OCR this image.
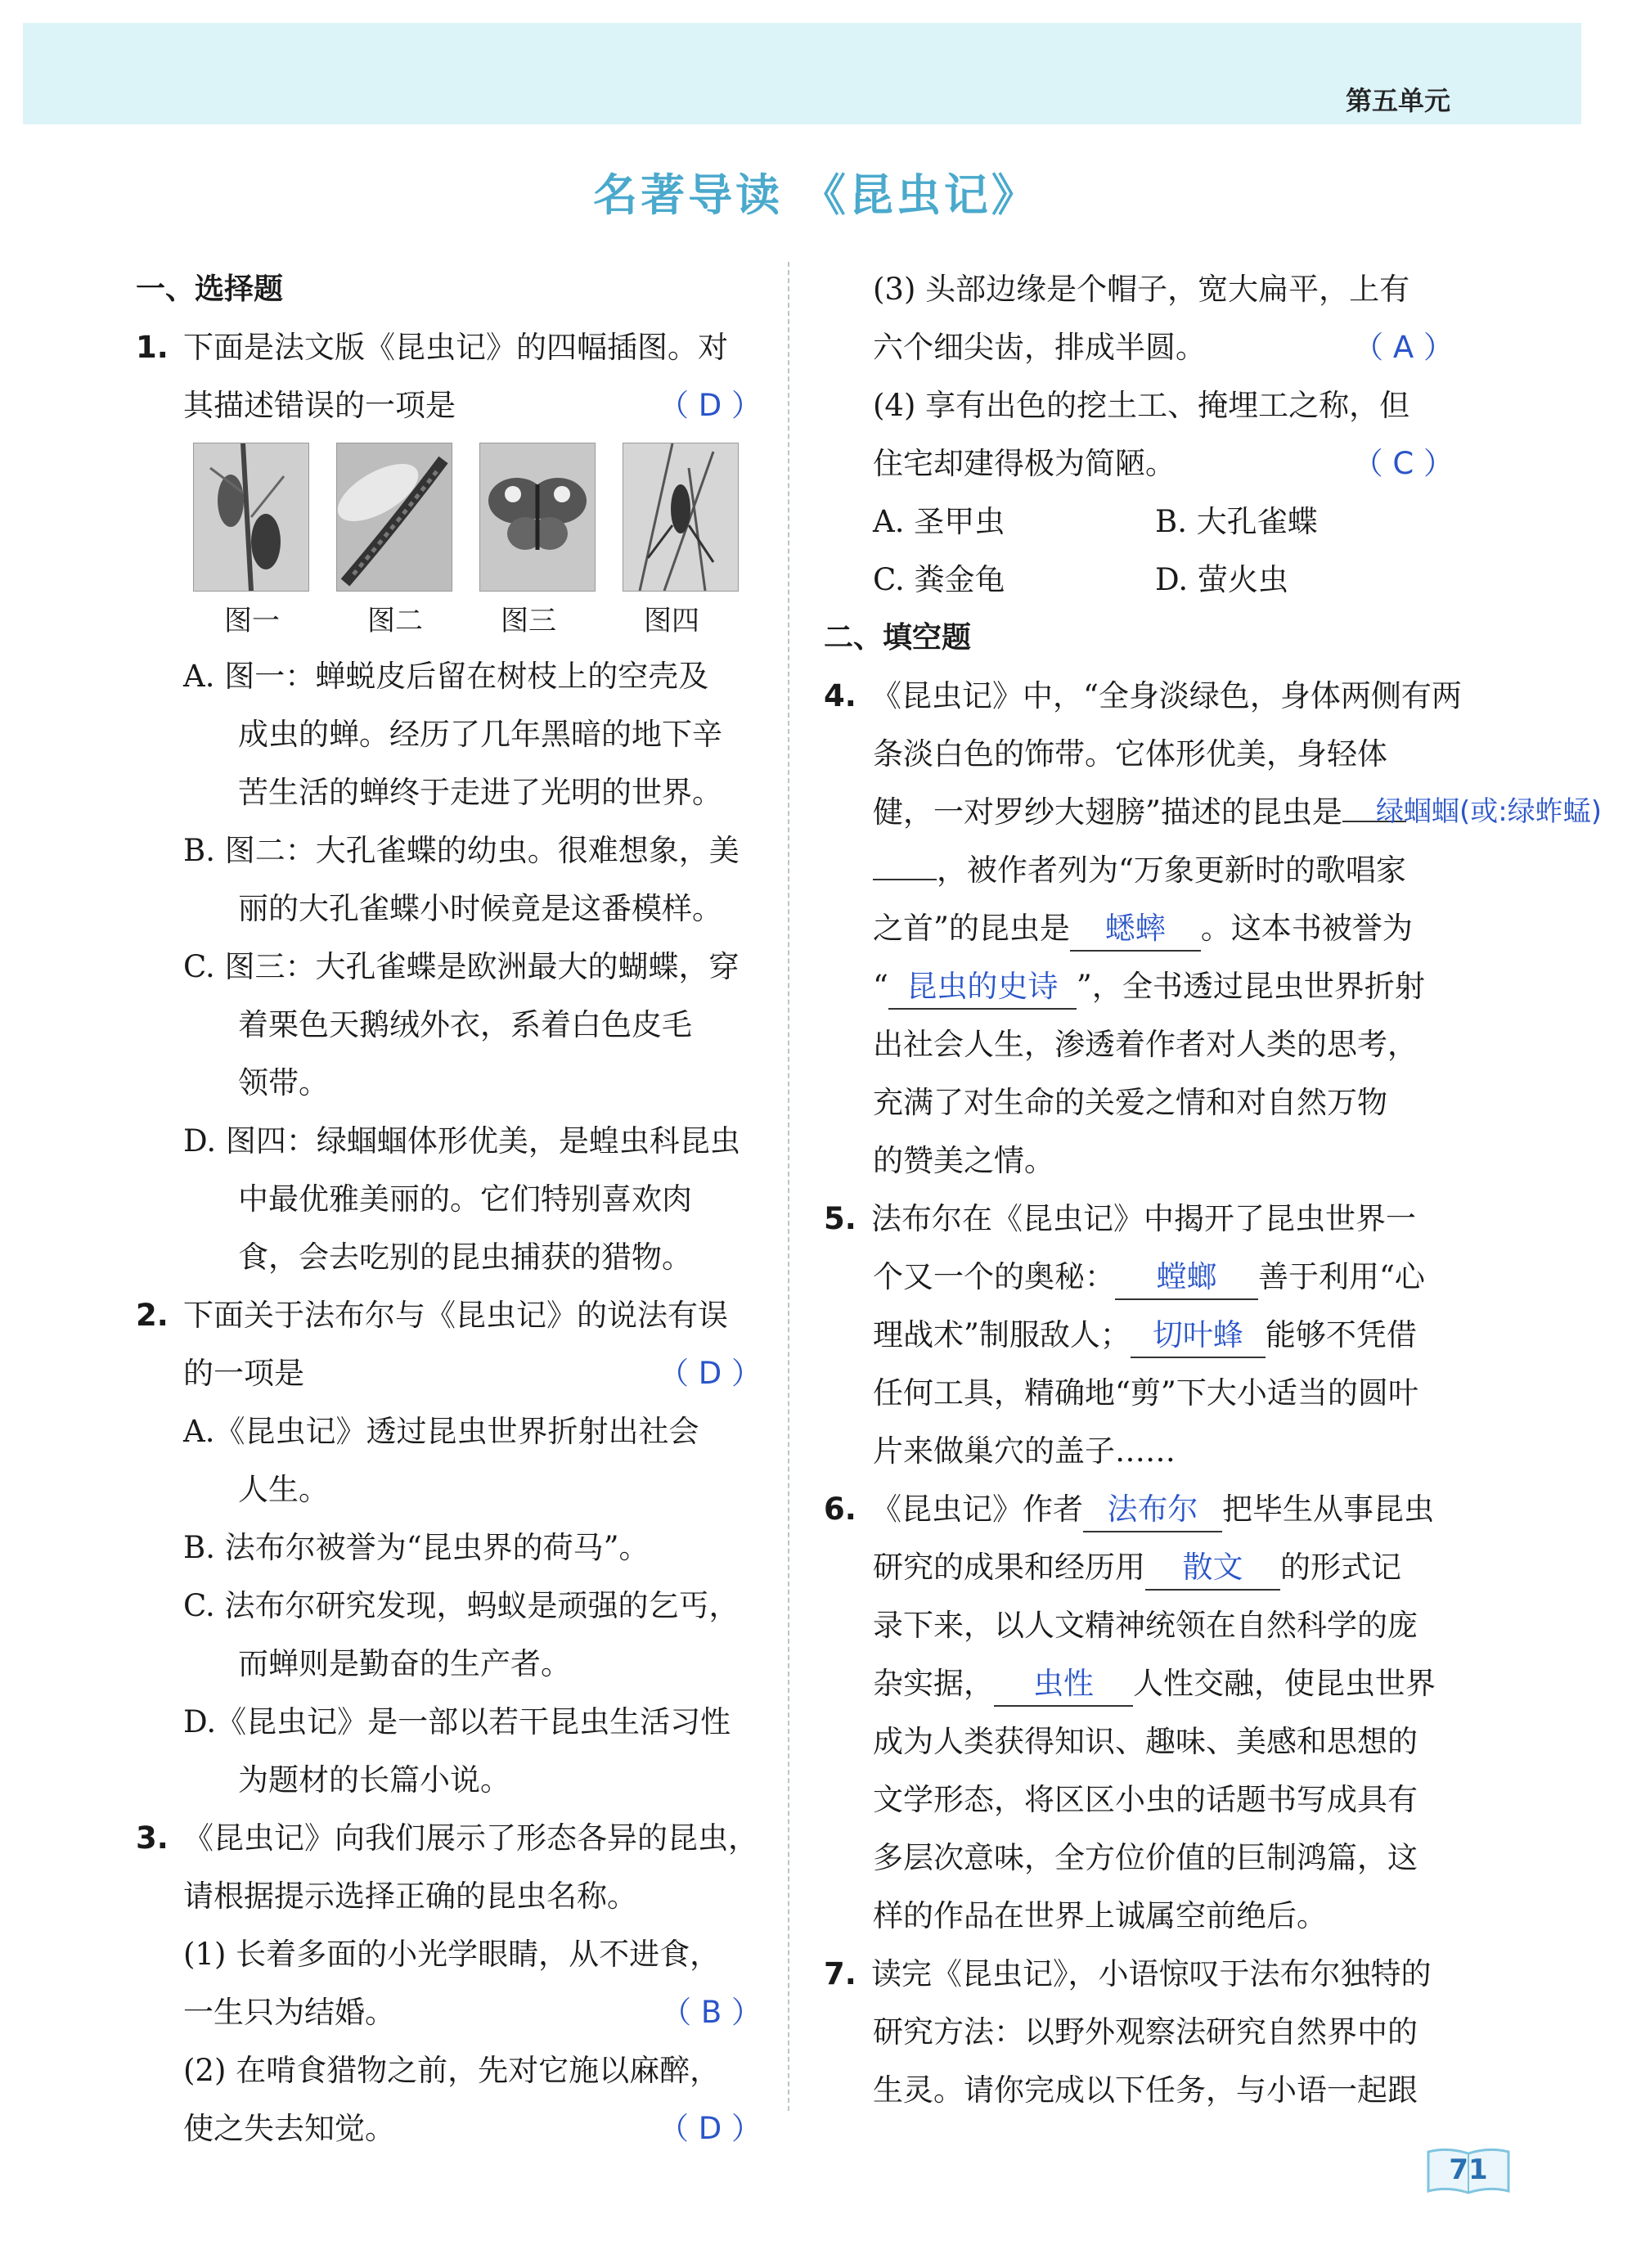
第五单元
名著导读 《昆虫记》
一、选择题
1. 下面是法文版《昆虫记》的四幅插图。对
其描述错误的一项是	（ D ）
图一	图二	图三	图四
A. 图一：蝉蜕皮后留在树枝上的空壳及
成虫的蝉。经历了几年黑暗的地下辛
苦生活的蝉终于走进了光明的世界。
B. 图二：大孔雀蝶的幼虫。很难想象，美
丽的大孔雀蝶小时候竟是这番模样。
C. 图三：大孔雀蝶是欧洲最大的蝴蝶，穿
着栗色天鹅绒外衣，系着白色皮毛
领带。
D. 图四：绿蝈蝈体形优美，是蝗虫科昆虫
中最优雅美丽的。它们特别喜欢肉
食，会去吃别的昆虫捕获的猎物。
2. 下面关于法布尔与《昆虫记》的说法有误
的一项是	（ D ）
A.《昆虫记》透过昆虫世界折射出社会
人生。
B. 法布尔被誉为“昆虫界的荷马”。
C. 法布尔研究发现，蚂蚁是顽强的乞丐，
而蝉则是勤奋的生产者。
D.《昆虫记》是一部以若干昆虫生活习性
为题材的长篇小说。
3. 《昆虫记》向我们展示了形态各异的昆虫，
请根据提示选择正确的昆虫名称。
(1) 长着多面的小光学眼睛，从不进食，
一生只为结婚。	（ B ）
(2) 在啃食猎物之前，先对它施以麻醉，
使之失去知觉。	（ D ）
(3) 头部边缘是个帽子，宽大扁平，上有
六个细尖齿，排成半圆。	（ A ）
(4) 享有出色的挖土工、掩埋工之称，但
住宅却建得极为简陋。	（ C ）
A. 圣甲虫	B. 大孔雀蝶
C. 粪金龟	D. 萤火虫
二、填空题
4. 《昆虫记》中，“全身淡绿色，身体两侧有两
条淡白色的饰带。它体形优美，身轻体
健，一对罗纱大翅膀”描述的昆虫是 绿蝈蝈(或:绿蚱蜢)
，被作者列为“万象更新时的歌唱家
之首”的昆虫是 蟋蟀 。这本书被誉为
“ 昆虫的史诗 ”，全书透过昆虫世界折射
出社会人生，渗透着作者对人类的思考，
充满了对生命的关爱之情和对自然万物
的赞美之情。
5. 法布尔在《昆虫记》中揭开了昆虫世界一
个又一个的奥秘： 螳螂 善于利用“心
理战术”制服敌人； 切叶蜂 能够不凭借
任何工具，精确地“剪”下大小适当的圆叶
片来做巢穴的盖子……
6. 《昆虫记》作者 法布尔 把毕生从事昆虫
研究的成果和经历用 散文 的形式记
录下来，以人文精神统领在自然科学的庞
杂实据， 虫性 人性交融，使昆虫世界
成为人类获得知识、趣味、美感和思想的
文学形态，将区区小虫的话题书写成具有
多层次意味，全方位价值的巨制鸿篇，这
样的作品在世界上诚属空前绝后。
7. 读完《昆虫记》，小语惊叹于法布尔独特的
研究方法：以野外观察法研究自然界中的
生灵。请你完成以下任务，与小语一起跟
71
